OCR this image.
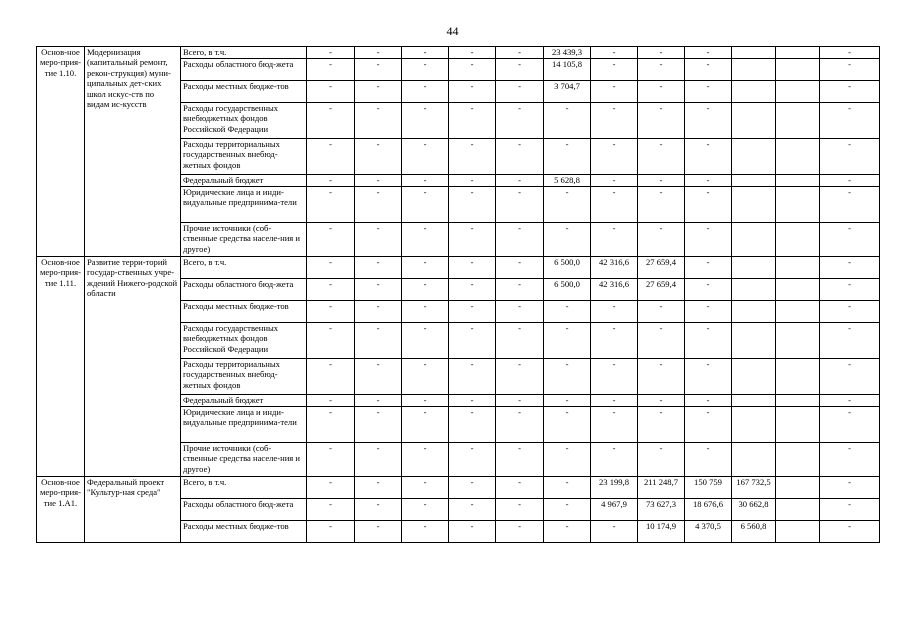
44
Основ-ное меро-прия-тие 1.10.	Модернизация (капитальный ремонт, рекон-струкция) муни-ципальных дет-ских школ искус-ств по видам ис-кусств	Всего, в т.ч.	-	-	-	-	-	23 439,3	-	-	-			-
		Расходы областного бюд-жета	-	-	-	-	-	14 105,8	-	-	-			-
		Расходы местных бюдже-тов	-	-	-	-	-	3 704,7	-	-	-			-
		Расходы государственных внебюджетных фондов Российской Федерации	-	-	-	-	-	-	-	-	-			-
		Расходы территориальных государственных внебюд-жетных фондов	-	-	-	-	-	-	-	-	-			-
		Федеральный бюджет	-	-	-	-	-	5 628,8	-	-	-			-
		Юридические лица и инди-видуальные предпринима-тели	-	-	-	-	-	-	-	-	-			-
		Прочие источники (соб-ственные средства населе-ния и другое)	-	-	-	-	-	-	-	-	-			-
Основ-ное меро-прия-тие 1.11.	Развитие терри-торий государ-ственных учре-ждений Нижего-родской области	Всего, в т.ч.	-	-	-	-	-	6 500,0	42 316,6	27 659,4	-			-
		Расходы областного бюд-жета	-	-	-	-	-	6 500,0	42 316,6	27 659,4	-			-
		Расходы местных бюдже-тов	-	-	-	-	-	-	-	-	-			-
		Расходы государственных внебюджетных фондов Российской Федерации	-	-	-	-	-	-	-	-	-			-
		Расходы территориальных государственных внебюд-жетных фондов	-	-	-	-	-	-	-	-	-			-
		Федеральный бюджет	-	-	-	-	-	-	-	-	-			-
		Юридические лица и инди-видуальные предпринима-тели	-	-	-	-	-	-	-	-	-			-
		Прочие источники (соб-ственные средства населе-ния и другое)	-	-	-	-	-	-	-	-	-			-
Основ-ное меро-прия-тие 1.А1.	Федеральный проект "Культур-ная среда"	Всего, в т.ч.	-	-	-	-	-	-	23 199,8	211 248,7	150 759	167 732,5		-
		Расходы областного бюд-жета	-	-	-	-	-	-	4 967,9	73 627,3	18 676,6	30 662,8		-
		Расходы местных бюдже-тов	-	-	-	-	-	-	-	10 174,9	4 370,5	6 560,8		-
